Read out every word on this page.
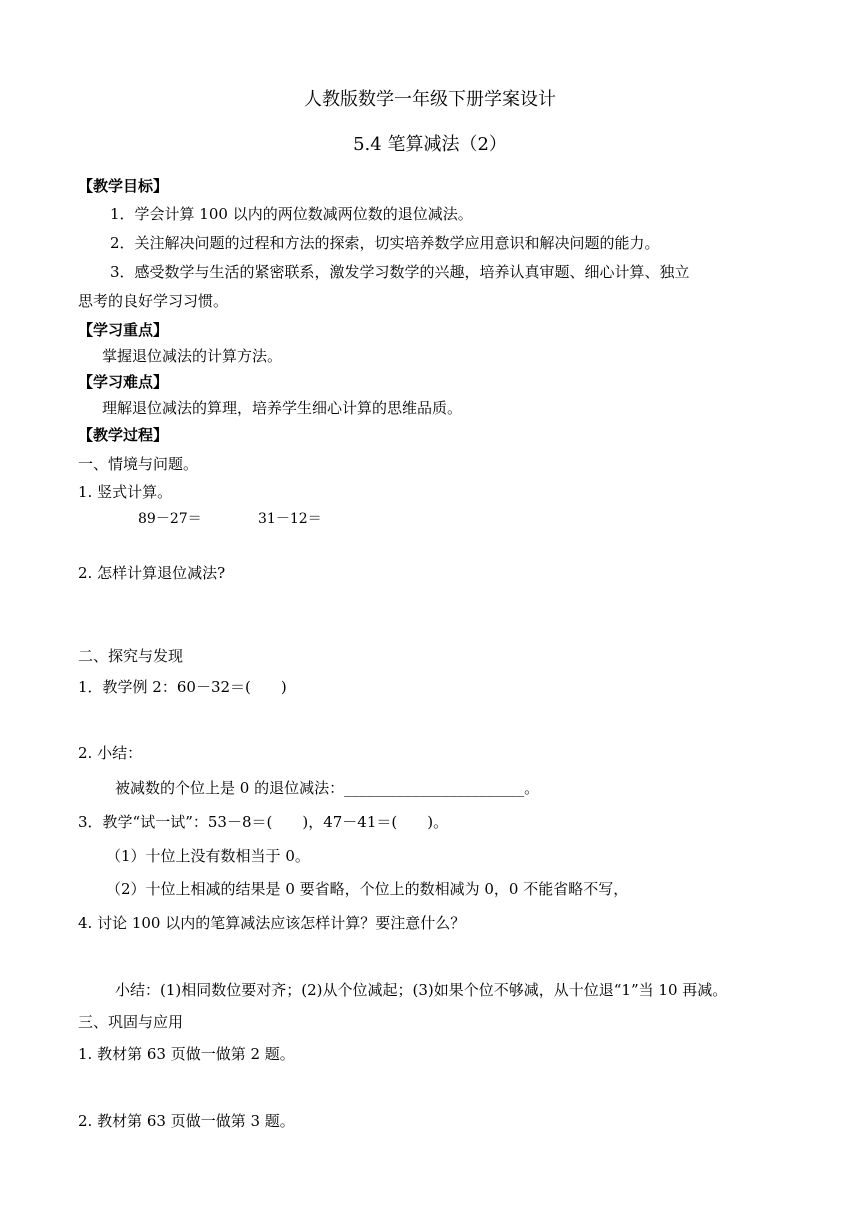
人教版数学一年级下册学案设计
5.4 笔算减法（2）
【教学目标】
1．学会计算 100 以内的两位数减两位数的退位减法。
2．关注解决问题的过程和方法的探索，切实培养数学应用意识和解决问题的能力。
3．感受数学与生活的紧密联系，激发学习数学的兴趣，培养认真审题、细心计算、独立
思考的良好学习习惯。
【学习重点】
掌握退位减法的计算方法。
【学习难点】
理解退位减法的算理，培养学生细心计算的思维品质。
【教学过程】
一、情境与问题。
1. 竖式计算。
89－27＝	31－12＝
2. 怎样计算退位减法?
二、探究与发现
1．教学例 2：60－32＝(　　)
2. 小结：
被减数的个位上是 0 的退位减法：________________________。
3．教学“试一试”：53－8＝(　　)，47－41＝(　　)。
（1）十位上没有数相当于 0。
（2）十位上相减的结果是 0 要省略，个位上的数相减为 0，0 不能省略不写，
4. 讨论 100 以内的笔算减法应该怎样计算？要注意什么？
小结：(1)相同数位要对齐；(2)从个位减起；(3)如果个位不够减，从十位退“1”当 10 再减。
三、巩固与应用
1. 教材第 63 页做一做第 2 题。
2. 教材第 63 页做一做第 3 题。
